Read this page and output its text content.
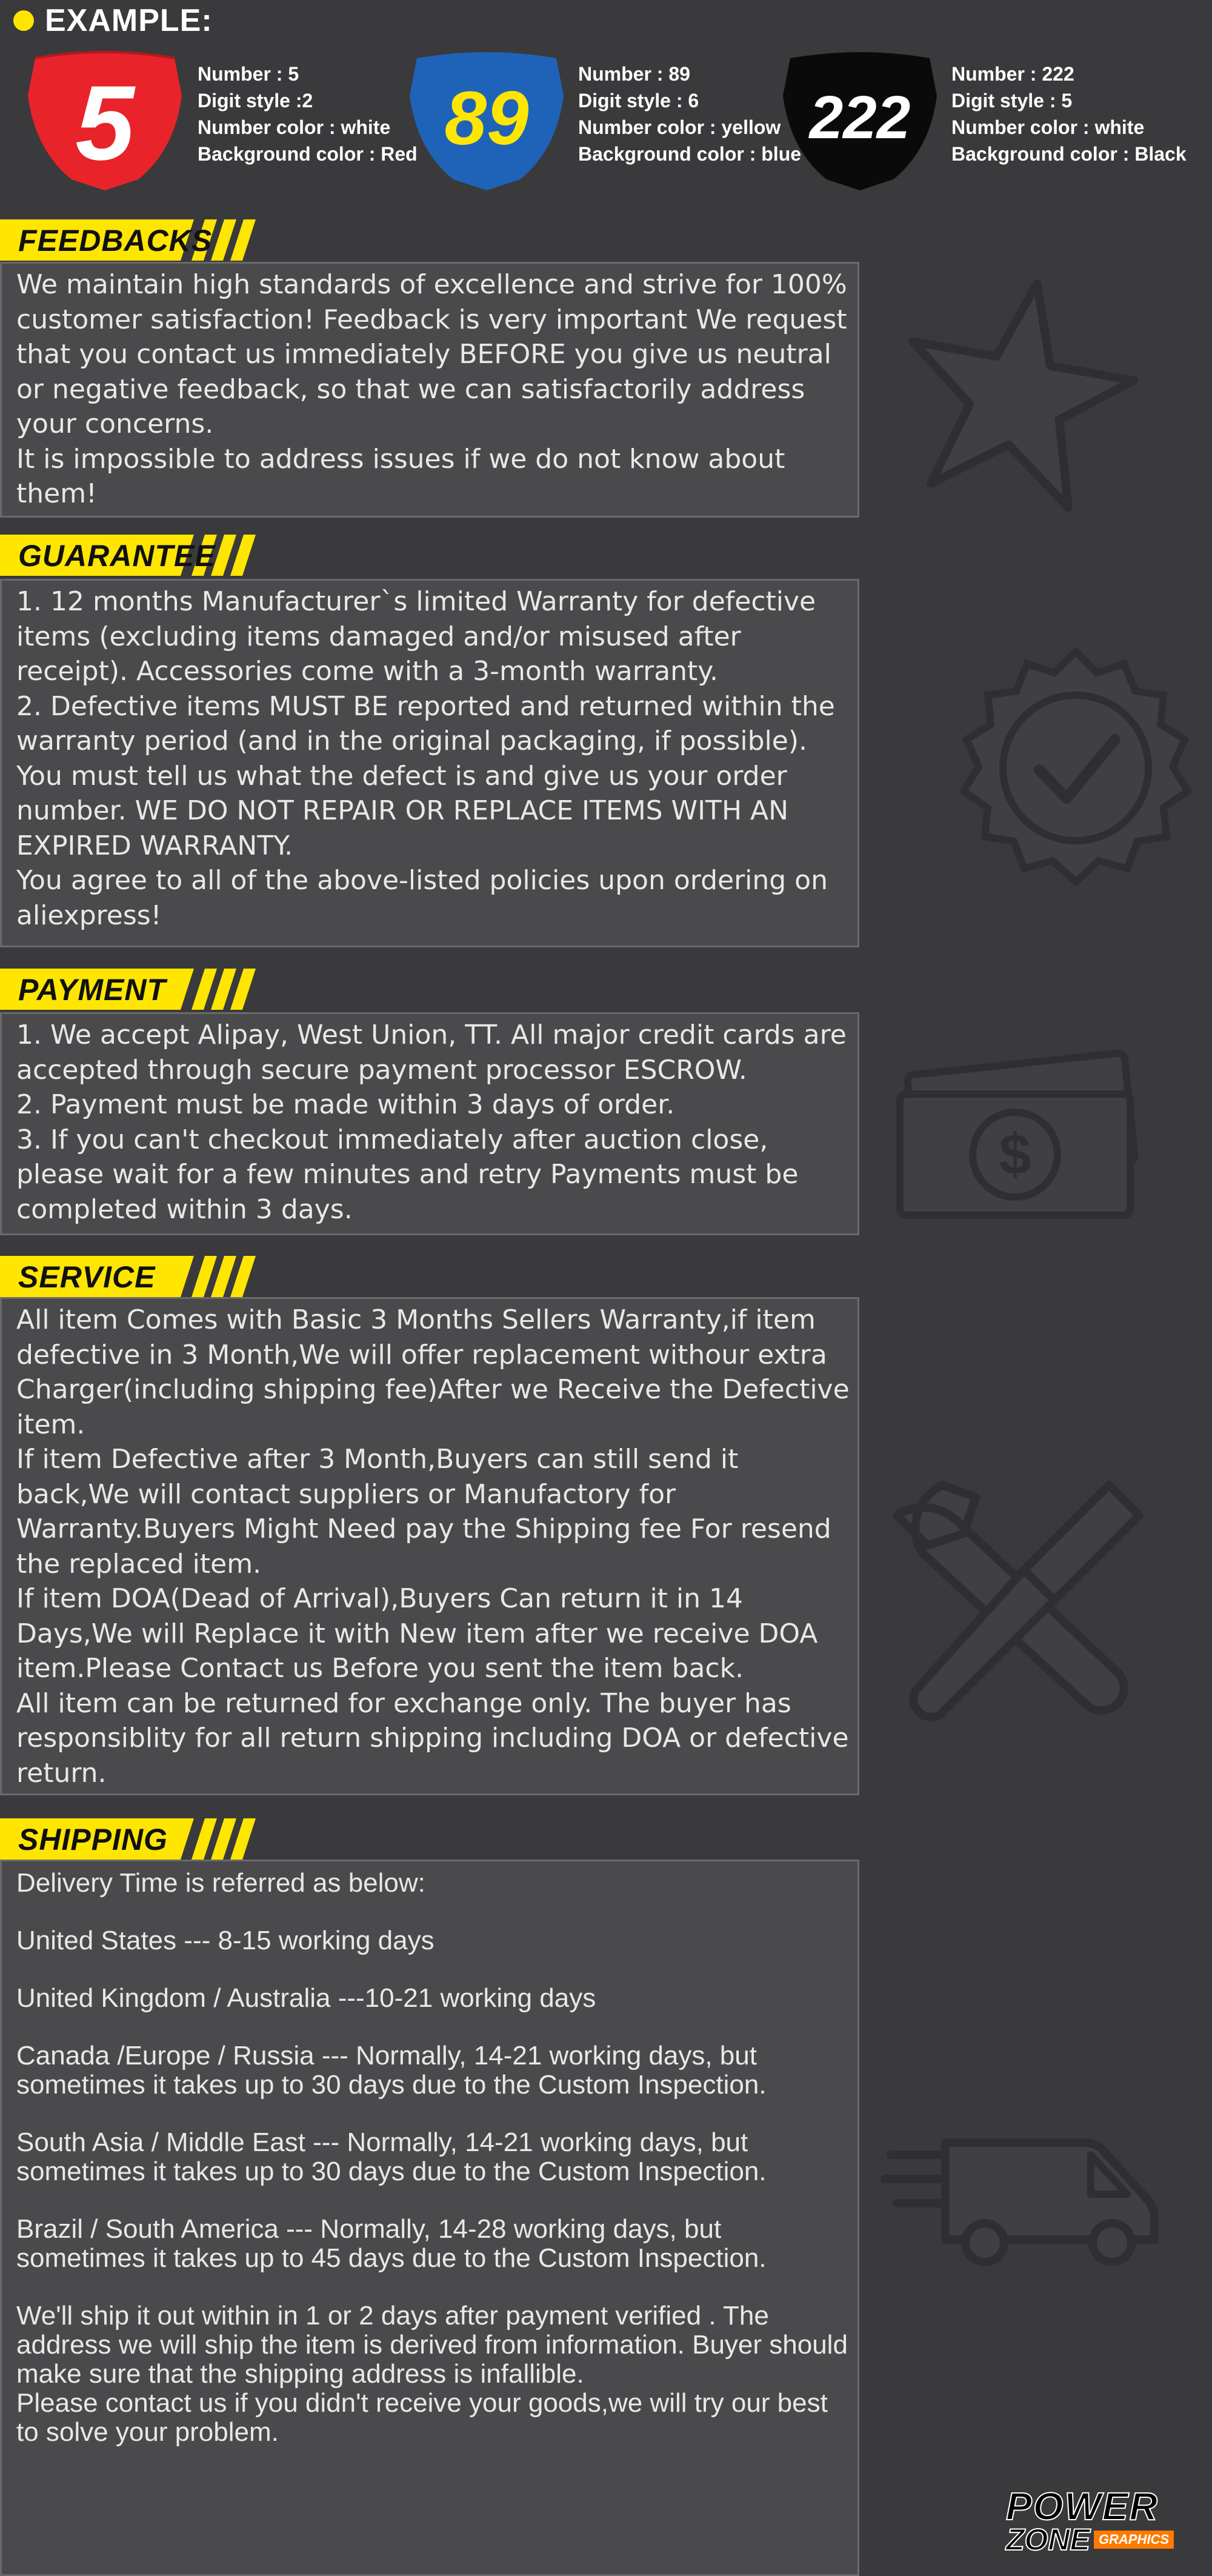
EXAMPLE:
5	Number : 5
Digit style :2
Number color : white
Background color : Red 89
Number : 89
Digit style : 6
Number color : yellow
Background color : blue
222
Number : 222
Digit style : 5
Number color : white
Background color : Black
FEEDBACKS

We maintain high standards of excellence and strive for 100% customer satisfaction! Feedback is very important We request that you contact us immediately BEFORE you give us neutral or negative feedback, so that we can satisfactorily address your concerns.

It is impossible to address issues if we do not know about them!

GUARANTEE

1. 12 months Manufacturer`s limited Warranty for defective items (excluding items damaged and/or misused after receipt). Accessories come with a 3-month warranty.

2. Defective items MUST BE reported and returned within the warranty period (and in the original packaging, if possible). You must tell us what the defect is and give us your order number. WE DO NOT REPAIR OR REPLACE ITEMS WITH AN EXPIRED WARRANTY.

You agree to all of the above-listed policies upon ordering on aliexpress!

PAYMENT

1. We accept Alipay, West Union, TT. All major credit cards are accepted through secure payment processor ESCROW.

2. Payment must be made within 3 days of order.

3. If you can't checkout immediately after auction close, please wait for a few minutes and retry Payments must be completed within 3 days.

$
SERVICE

All item Comes with Basic 3 Months Sellers Warranty,if item defective in 3 Month,We will offer replacement withour extra Charger(including shipping fee)After we Receive the Defective item.

If item Defective after 3 Month,Buyers can still send it back,We will contact suppliers or Manufactory for Warranty.Buyers Might Need pay the Shipping fee For resend the replaced item.

If item DOA(Dead of Arrival),Buyers Can return it in 14 Days,We will Replace it with New item after we receive DOA item.Please Contact us Before you sent the item back.

All item can be returned for exchange only. The buyer has responsiblity for all return shipping including DOA or defective return.

SHIPPING

Delivery Time is referred as below:

United States --- 8-15 working days

United Kingdom / Australia ---10-21 working days

Canada /Europe / Russia --- Normally, 14-21 working days, but sometimes it takes up to 30 days due to the Custom Inspection.

South Asia / Middle East --- Normally, 14-21 working days, but sometimes it takes up to 30 days due to the Custom Inspection.

Brazil / South America --- Normally, 14-28 working days, but sometimes it takes up to 45 days due to the Custom Inspection.

We'll ship it out within in 1 or 2 days after payment verified . The address we will ship the item is derived from information. Buyer should make sure that the shipping address is infallible.

Please contact us if you didn't receive your goods,we will try our best to solve your problem.

POWER
ZONE GRAPHICS
